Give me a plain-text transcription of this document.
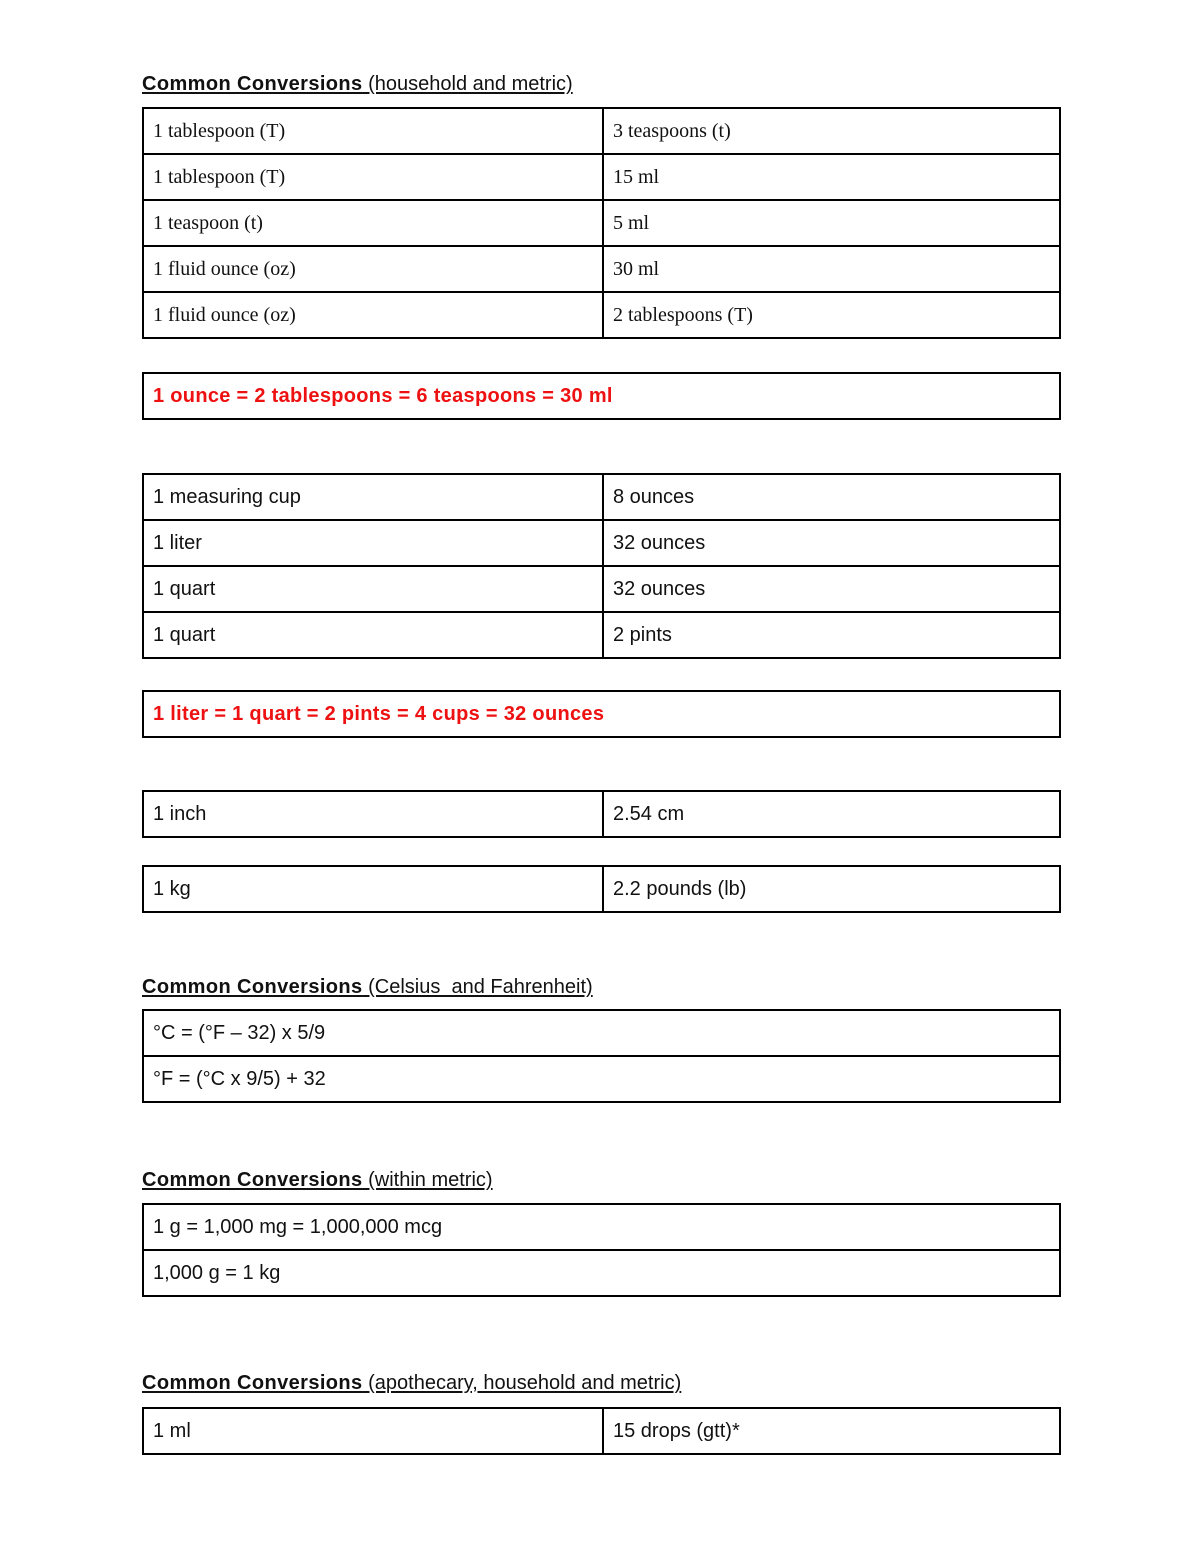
Common Conversions (household and metric)
1 tablespoon (T)	3 teaspoons (t)
1 tablespoon (T)	15 ml
1 teaspoon (t)	5 ml
1 fluid ounce (oz)	30 ml
1 fluid ounce (oz)	2 tablespoons (T)
1 ounce = 2 tablespoons = 6 teaspoons = 30 ml
1 measuring cup	8 ounces
1 liter	32 ounces
1 quart	32 ounces
1 quart	2 pints
1 liter = 1 quart = 2 pints = 4 cups = 32 ounces
1 inch	2.54 cm
1 kg	2.2 pounds (lb)
Common Conversions (Celsius  and Fahrenheit)
°C = (°F – 32) x 5/9
°F = (°C x 9/5) + 32
Common Conversions (within metric)
1 g = 1,000 mg = 1,000,000 mcg
1,000 g = 1 kg
Common Conversions (apothecary, household and metric)
1 ml	15 drops (gtt)*
